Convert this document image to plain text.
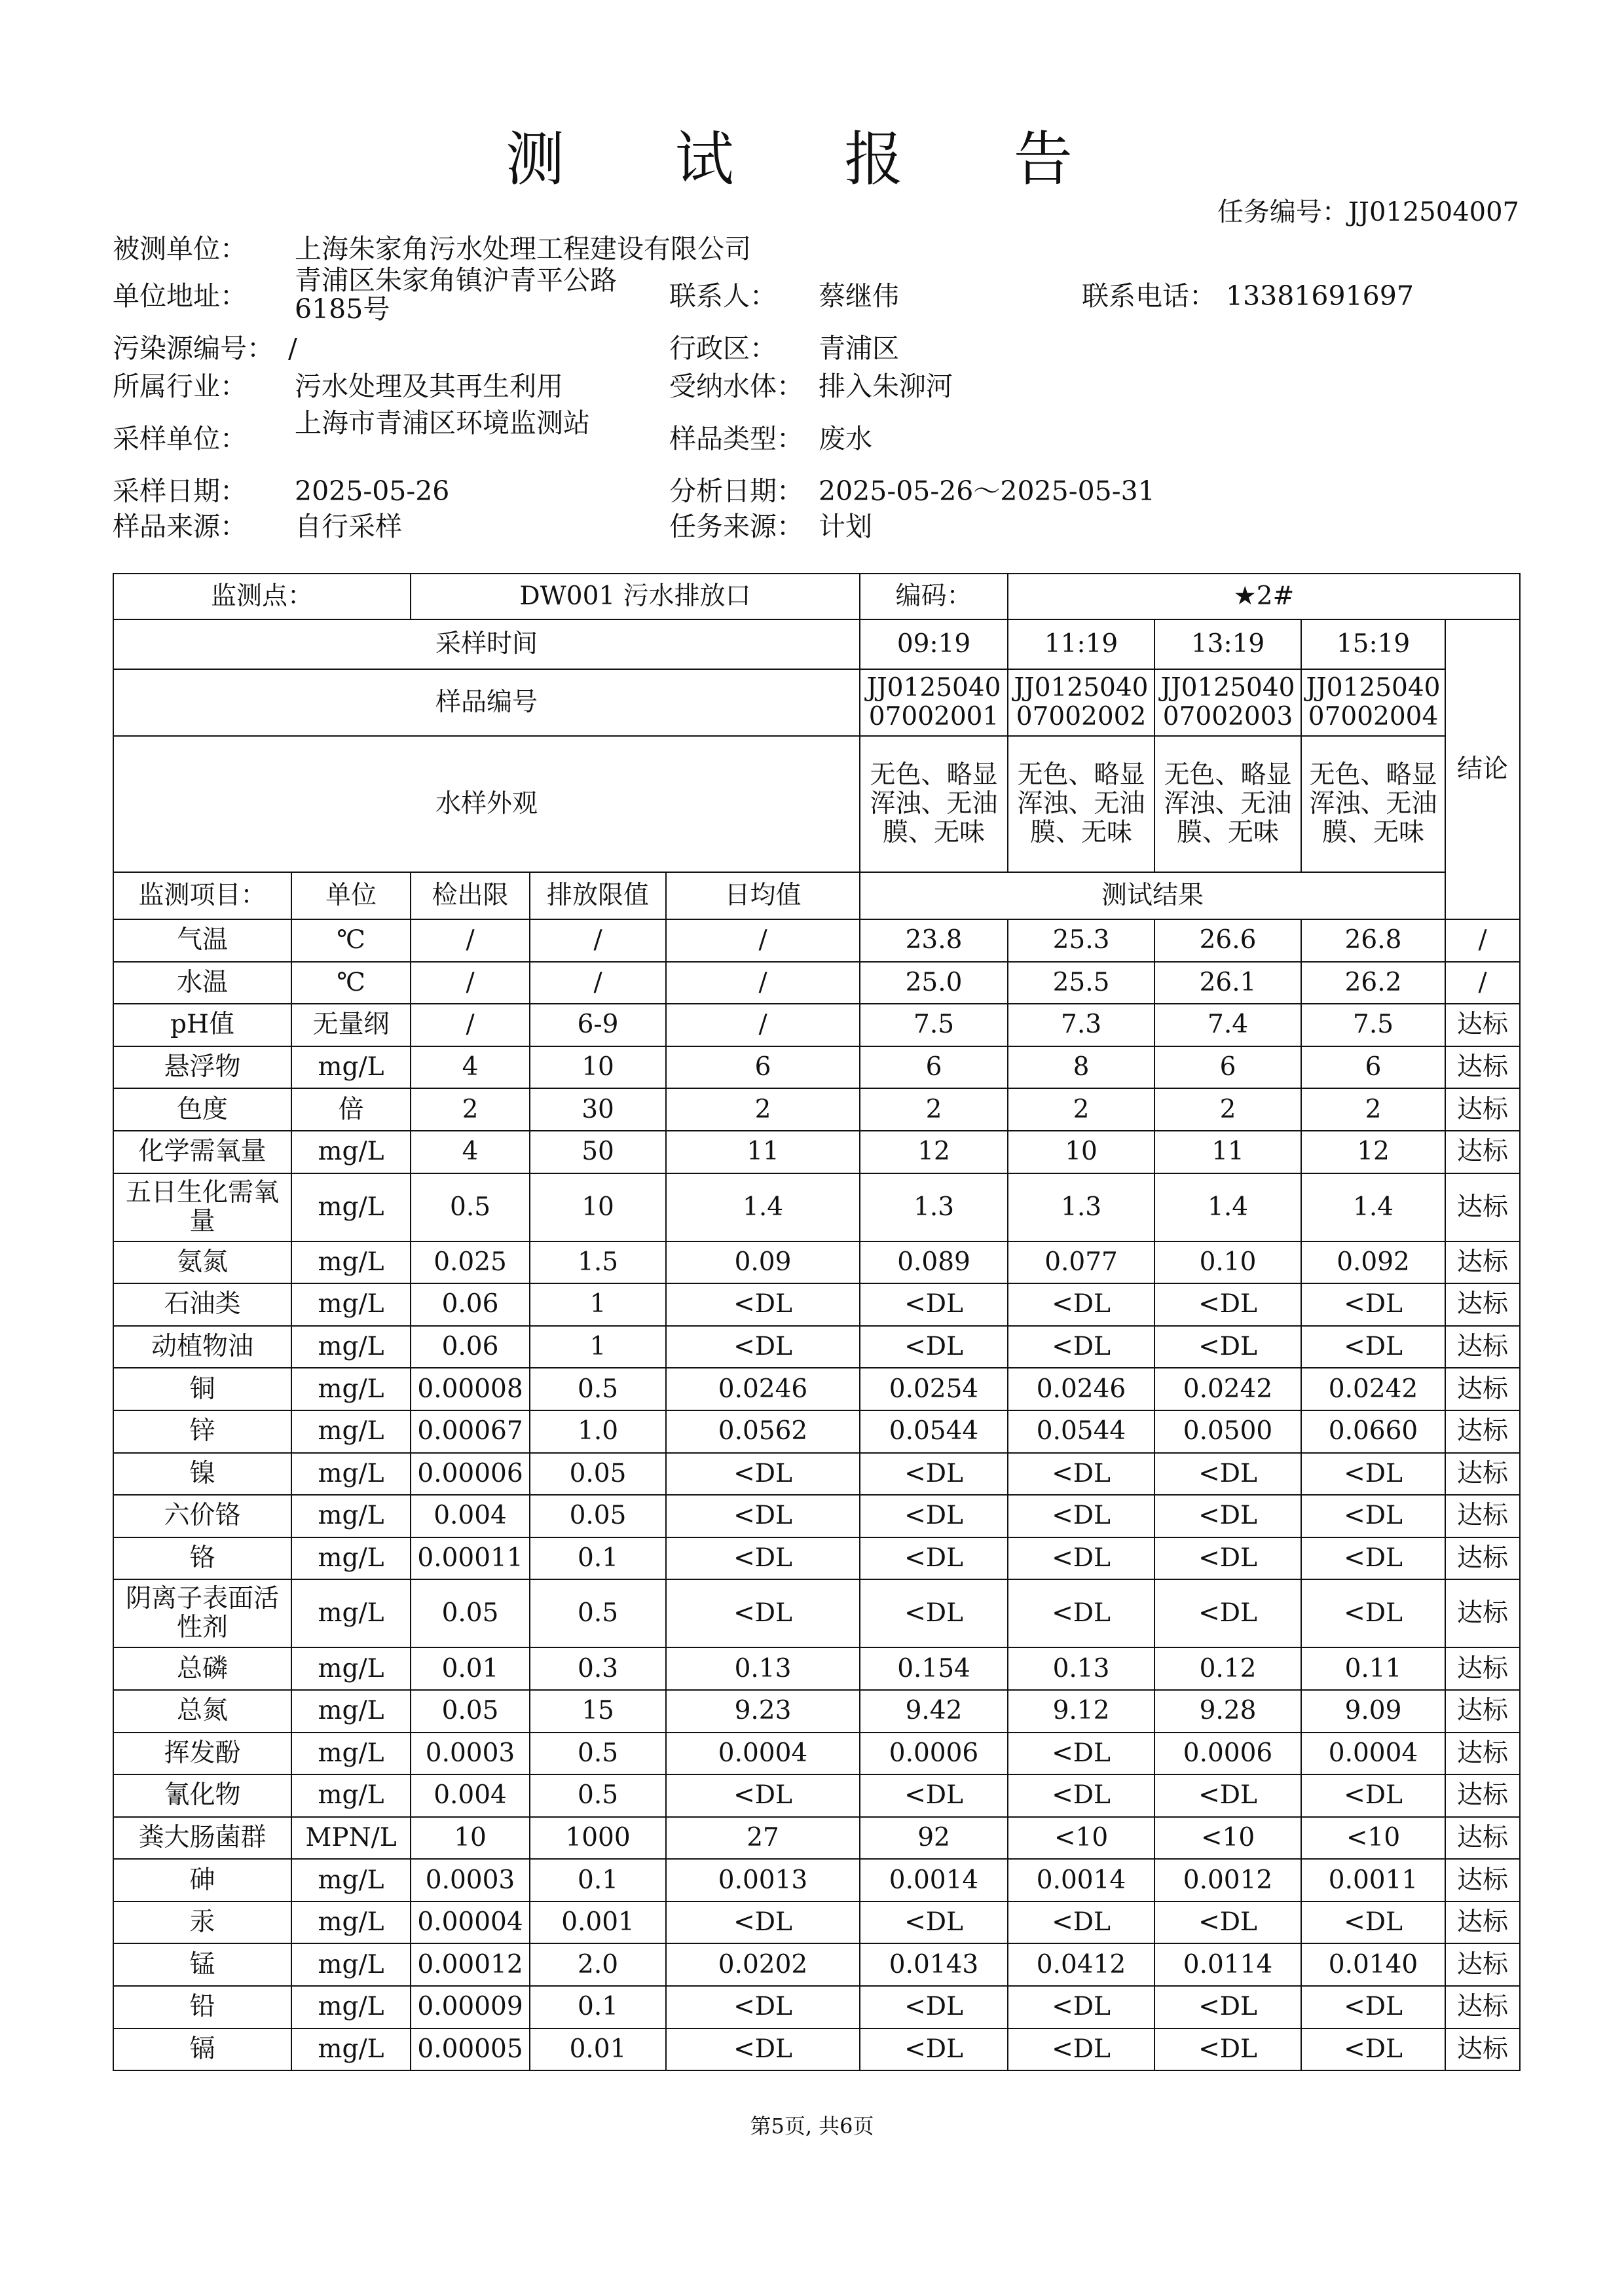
测 试 报 告
任务编号：JJ012504007
被测单位： 上海朱家角污水处理工程建设有限公司
单位地址： 青浦区朱家角镇沪青平公路6185号	联系人： 蔡继伟	联系电话： 13381691697
污染源编号： /	行政区： 青浦区
所属行业： 污水处理及其再生利用	受纳水体： 排入朱泖河
采样单位： 上海市青浦区环境监测站	样品类型： 废水
采样日期： 2025-05-26	分析日期： 2025-05-26～2025-05-31
样品来源： 自行采样	任务来源： 计划
监测点：		DW001 污水排放口			编码：	★2#			
采样时间					09:19	11:19	13:19	15:19	结论
样品编号					JJ012504007002001	JJ012504007002002	JJ012504007002003	JJ012504007002004	
水样外观					无色、略显浑浊、无油膜、无味	无色、略显浑浊、无油膜、无味	无色、略显浑浊、无油膜、无味	无色、略显浑浊、无油膜、无味	
监测项目：	单位	检出限	排放限值	日均值	测试结果				
气温	℃	/	/	/	23.8	25.3	26.6	26.8	/
水温	℃	/	/	/	25.0	25.5	26.1	26.2	/
pH值	无量纲	/	6-9	/	7.5	7.3	7.4	7.5	达标
悬浮物	mg/L	4	10	6	6	8	6	6	达标
色度	倍	2	30	2	2	2	2	2	达标
化学需氧量	mg/L	4	50	11	12	10	11	12	达标
五日生化需氧量	mg/L	0.5	10	1.4	1.3	1.3	1.4	1.4	达标
氨氮	mg/L	0.025	1.5	0.09	0.089	0.077	0.10	0.092	达标
石油类	mg/L	0.06	1	<DL	<DL	<DL	<DL	<DL	达标
动植物油	mg/L	0.06	1	<DL	<DL	<DL	<DL	<DL	达标
铜	mg/L	0.00008	0.5	0.0246	0.0254	0.0246	0.0242	0.0242	达标
锌	mg/L	0.00067	1.0	0.0562	0.0544	0.0544	0.0500	0.0660	达标
镍	mg/L	0.00006	0.05	<DL	<DL	<DL	<DL	<DL	达标
六价铬	mg/L	0.004	0.05	<DL	<DL	<DL	<DL	<DL	达标
铬	mg/L	0.00011	0.1	<DL	<DL	<DL	<DL	<DL	达标
阴离子表面活性剂	mg/L	0.05	0.5	<DL	<DL	<DL	<DL	<DL	达标
总磷	mg/L	0.01	0.3	0.13	0.154	0.13	0.12	0.11	达标
总氮	mg/L	0.05	15	9.23	9.42	9.12	9.28	9.09	达标
挥发酚	mg/L	0.0003	0.5	0.0004	0.0006	<DL	0.0006	0.0004	达标
氰化物	mg/L	0.004	0.5	<DL	<DL	<DL	<DL	<DL	达标
粪大肠菌群	MPN/L	10	1000	27	92	<10	<10	<10	达标
砷	mg/L	0.0003	0.1	0.0013	0.0014	0.0014	0.0012	0.0011	达标
汞	mg/L	0.00004	0.001	<DL	<DL	<DL	<DL	<DL	达标
锰	mg/L	0.00012	2.0	0.0202	0.0143	0.0412	0.0114	0.0140	达标
铅	mg/L	0.00009	0.1	<DL	<DL	<DL	<DL	<DL	达标
镉	mg/L	0.00005	0.01	<DL	<DL	<DL	<DL	<DL	达标
第5页, 共6页
